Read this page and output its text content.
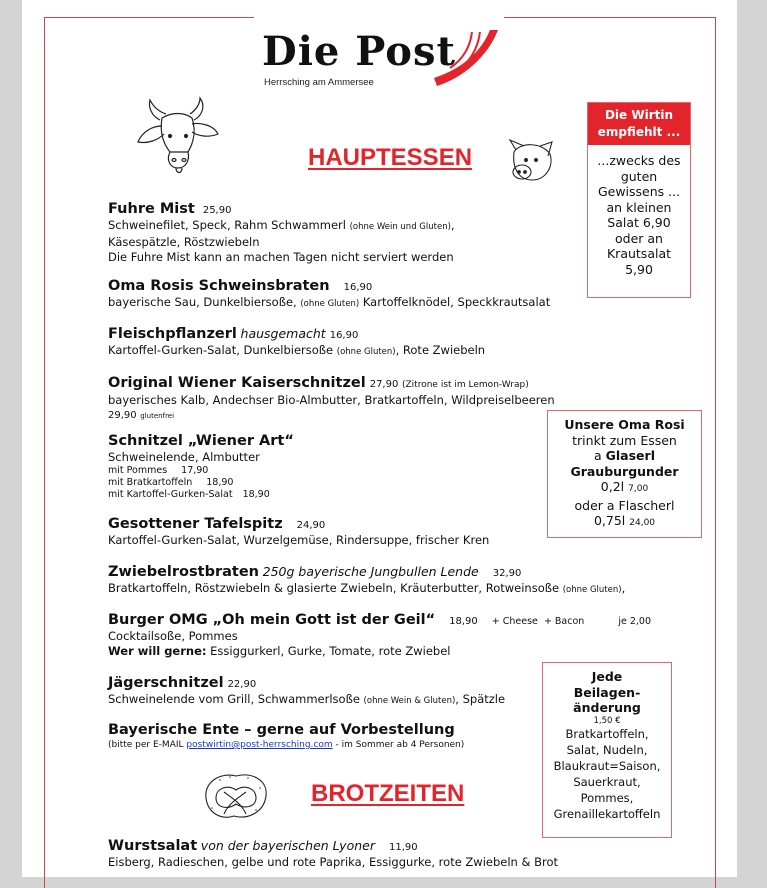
Die Post
Herrsching am Ammersee
HAUPTESSEN
BROTZEITEN
Fuhre Mist 25,90
Schweinefilet, Speck, Rahm Schwammerl (ohne Wein und Gluten),
Käsespätzle, Röstzwiebeln
Die Fuhre Mist kann an machen Tagen nicht serviert werden
Oma Rosis Schweinsbraten 16,90
bayerische Sau, Dunkelbiersoße, (ohne Gluten) Kartoffelknödel, Speckkrautsalat
Fleischpflanzerl hausgemacht 16,90
Kartoffel-Gurken-Salat, Dunkelbiersoße (ohne Gluten), Rote Zwiebeln
Original Wiener Kaiserschnitzel 27,90 (Zitrone ist im Lemon-Wrap)
bayerisches Kalb, Andechser Bio-Almbutter, Bratkartoffeln, Wildpreiselbeeren
29,90 glutenfrei
Schnitzel „Wiener Art“
Schweinelende, Almbutter
mit Pommes 17,90
mit Bratkartoffeln 18,90
mit Kartoffel-Gurken-Salat 18,90
Gesottener Tafelspitz 24,90
Kartoffel-Gurken-Salat, Wurzelgemüse, Rindersuppe, frischer Kren
Zwiebelrostbraten 250g bayerische Jungbullen Lende 32,90
Bratkartoffeln, Röstzwiebeln & glasierte Zwiebeln, Kräuterbutter, Rotweinsoße (ohne Gluten),
Burger OMG „Oh mein Gott ist der Geil“ 18,90 + Cheese  + Bacon	je 2,00
Cocktailsoße, Pommes
Wer will gerne: Essiggurkerl, Gurke, Tomate, rote Zwiebel
Jägerschnitzel 22,90
Schweinelende vom Grill, Schwammerlsoße (ohne Wein & Gluten), Spätzle
Bayerische Ente – gerne auf Vorbestellung
(bitte per E-MAIL postwirtin@post-herrsching.com - im Sommer ab 4 Personen)
Wurstsalat von der bayerischen Lyoner 11,90
Eisberg, Radieschen, gelbe und rote Paprika, Essiggurke, rote Zwiebeln & Brot
Die Wirtin
empfiehlt ...
...zwecks des
guten
Gewissens ...
an kleinen
Salat 6,90
oder an
Krautsalat
5,90
Unsere Oma Rosi
trinkt zum Essen
a Glaserl
Grauburgunder
0,2l 7,00
oder a Flascherl
0,75l 24,00
Jede
Beilagen-
änderung
1,50 €
Bratkartoffeln,
Salat, Nudeln,
Blaukraut=Saison,
Sauerkraut,
Pommes,
Grenaillekartoffeln
